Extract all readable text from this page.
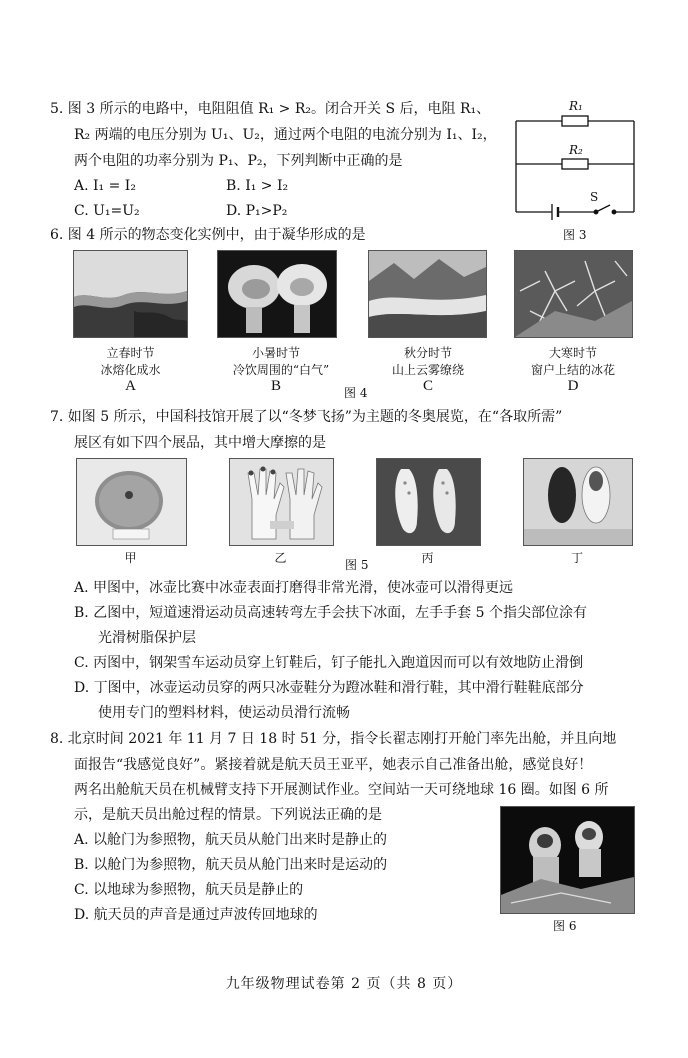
5. 图 3 所示的电路中，电阻阻值 R₁ > R₂。闭合开关 S 后，电阻 R₁、
R₂ 两端的电压分别为 U₁、U₂，通过两个电阻的电流分别为 I₁、I₂，
两个电阻的功率分别为 P₁、P₂，下列判断中正确的是
A. I₁ = I₂	B. I₁ > I₂
C. U₁=U₂	D. P₁>P₂
R₁
R₂
S
图 3
6. 图 4 所示的物态变化实例中，由于凝华形成的是
立春时节
冰熔化成水
A
小暑时节
冷饮周围的“白气”
B	图 4
秋分时节
山上云雾缭绕
C
大寒时节
窗户上结的冰花
D
7. 如图 5 所示，中国科技馆开展了以“冬梦飞扬”为主题的冬奥展览，在“各取所需”
展区有如下四个展品，其中增大摩擦的是
甲	乙	图 5	丙	丁
A. 甲图中，冰壶比赛中冰壶表面打磨得非常光滑，使冰壶可以滑得更远
B. 乙图中，短道速滑运动员高速转弯左手会扶下冰面，左手手套 5 个指尖部位涂有
光滑树脂保护层
C. 丙图中，钢架雪车运动员穿上钉鞋后，钉子能扎入跑道因而可以有效地防止滑倒
D. 丁图中，冰壶运动员穿的两只冰壶鞋分为蹬冰鞋和滑行鞋，其中滑行鞋鞋底部分
使用专门的塑料材料，使运动员滑行流畅
8. 北京时间 2021 年 11 月 7 日 18 时 51 分，指令长翟志刚打开舱门率先出舱，并且向地
面报告“我感觉良好”。紧接着就是航天员王亚平，她表示自己准备出舱，感觉良好！
两名出舱航天员在机械臂支持下开展测试作业。空间站一天可绕地球 16 圈。如图 6 所
示，是航天员出舱过程的情景。下列说法正确的是
A. 以舱门为参照物，航天员从舱门出来时是静止的
B. 以舱门为参照物，航天员从舱门出来时是运动的
C. 以地球为参照物，航天员是静止的
D. 航天员的声音是通过声波传回地球的
图 6
九年级物理试卷第 2 页（共 8 页）
